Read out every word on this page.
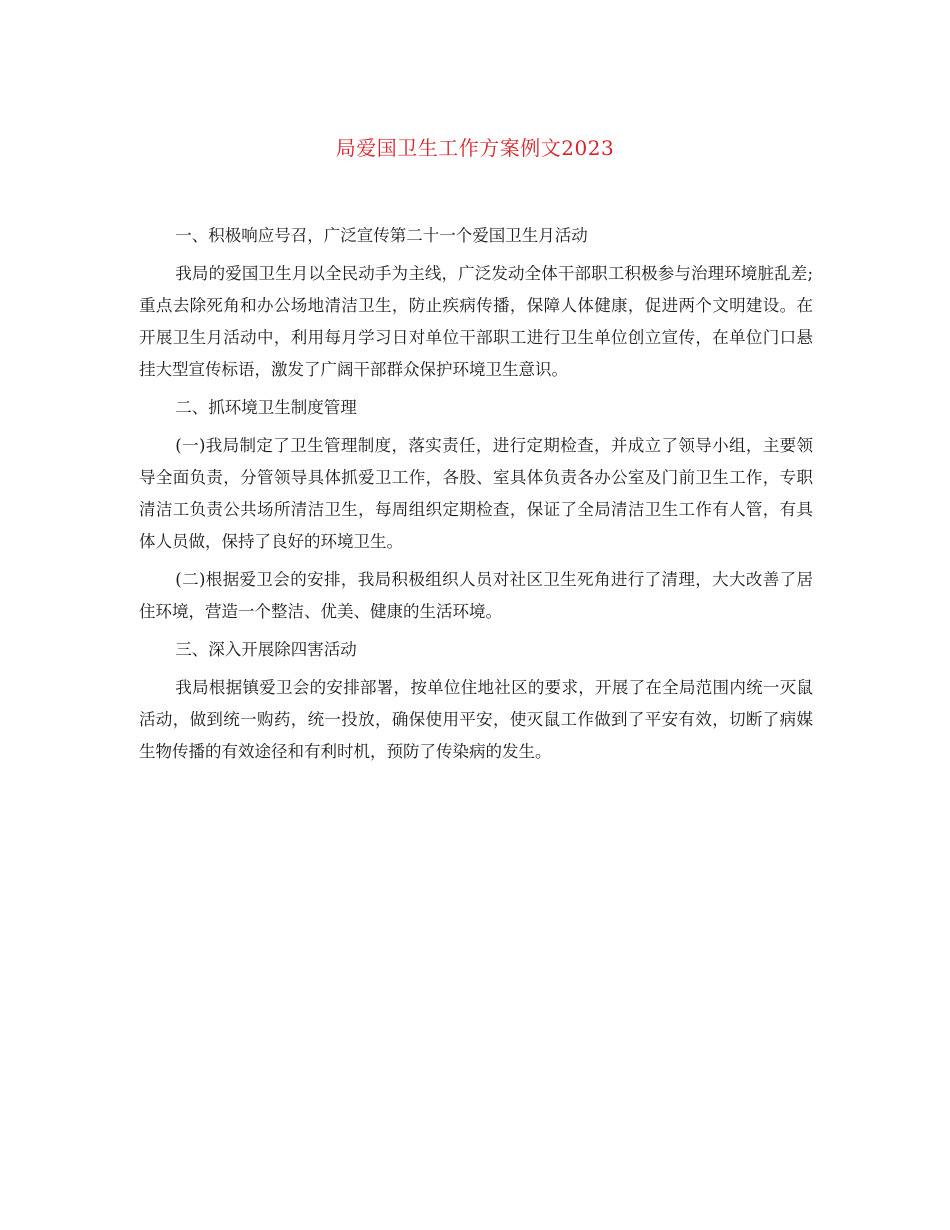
局爱国卫生工作方案例文2023

一、积极响应号召，广泛宣传第二十一个爱国卫生月活动

我局的爱国卫生月以全民动手为主线，广泛发动全体干部职工积极参与治理环境脏乱差;重点去除死角和办公场地清洁卫生，防止疾病传播，保障人体健康，促进两个文明建设。在开展卫生月活动中，利用每月学习日对单位干部职工进行卫生单位创立宣传，在单位门口悬挂大型宣传标语，激发了广阔干部群众保护环境卫生意识。

二、抓环境卫生制度管理

(一)我局制定了卫生管理制度，落实责任，进行定期检查，并成立了领导小组，主要领导全面负责，分管领导具体抓爱卫工作，各股、室具体负责各办公室及门前卫生工作，专职清洁工负责公共场所清洁卫生，每周组织定期检查，保证了全局清洁卫生工作有人管，有具体人员做，保持了良好的环境卫生。

(二)根据爱卫会的安排，我局积极组织人员对社区卫生死角进行了清理，大大改善了居住环境，营造一个整洁、优美、健康的生活环境。

三、深入开展除四害活动

我局根据镇爱卫会的安排部署，按单位住地社区的要求，开展了在全局范围内统一灭鼠活动，做到统一购药，统一投放，确保使用平安，使灭鼠工作做到了平安有效，切断了病媒生物传播的有效途径和有利时机，预防了传染病的发生。
